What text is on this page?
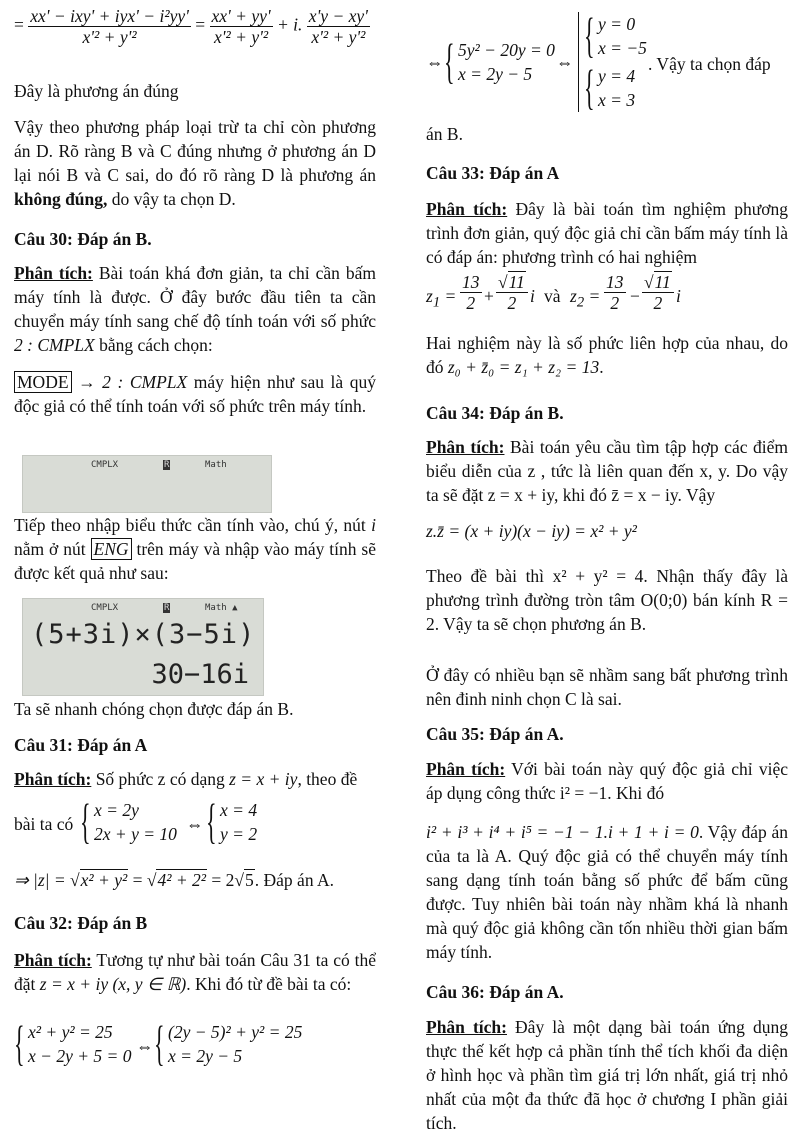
= $\frac{\text{xx' − ixy' + iyx' − i²yy'}}{\text{x'² + y'²}} = \frac{xx' + yy'}{\text{x'² + y'²}} + i$. $\frac{x'y - xy'}{\text{x'² + y'²}}$
Đây là phương án đúng
Vậy theo phương pháp loại trừ ta chỉ còn phương án D. Rõ ràng B và C đúng nhưng ở phương án D lại nói B và C sai, do đó rõ ràng D là phương án không đúng, do vậy ta chọn D.
Câu 30: Đáp án B.
Phân tích: Bài toán khá đơn giản, ta chỉ cần bấm máy tính là được. Ở đây bước đầu tiên ta cần chuyển máy tính sang chế độ tính toán với số phức 2 : CMPLX bằng cách chọn:
MODE → 2 : CMPLX máy hiện như sau là quý độc giả có thể tính toán với số phức trên máy tính.
CMPLX	R	Math
Tiếp theo nhập biểu thức cần tính vào, chú ý, nút i nằm ở nút ENG trên máy và nhập vào máy tính sẽ được kết quả như sau:
CMPLX	R	Math ▲
(5+3i)×(3−5i)
30−16i
Ta sẽ nhanh chóng chọn được đáp án B.
Câu 31: Đáp án A
Phân tích: Số phức z có dạng z = x + iy, theo đề
bài ta có
{ x = 2y
2x + y = 10 ⇔
{ x = 4
y = 2
⇒ |z| = √x² + y² = √4² + 2² = 2√5. Đáp án A.
Câu 32: Đáp án B
Phân tích: Tương tự như bài toán Câu 31 ta có thể đặt z = x + iy (x, y ∈ ℝ). Khi đó từ đề bài ta có:
{ x² + y² = 25
x − 2y + 5 = 0 ⇔
{ (2y − 5)² + y² = 25
x = 2y − 5
⇔
{ 5y² − 20y = 0
x = 2y − 5
⇔
{ y = 0
x = −5
{ y = 4
x = 3
. Vậy ta chọn đáp
án B.
Câu 33: Đáp án A
Phân tích: Đây là bài toán tìm nghiệm phương trình đơn giản, quý độc giả chỉ cần bấm máy tính là có đáp án: phương trình có hai nghiệm
$z_1 = \frac{13}{2} + \frac{√11}{2}$ i và $z_2 = \frac{13}{2} - \frac{√11}{2}$ i
Hai nghiệm này là số phức liên hợp của nhau, do đó z₀ + z̄₀ = z₁ + z₂ = 13.
Câu 34: Đáp án B.
Phân tích: Bài toán yêu cầu tìm tập hợp các điểm biểu diễn của z , tức là liên quan đến x, y. Do vậy ta sẽ đặt z = x + iy, khi đó z̄ = x − iy. Vậy
z.z̄ = (x + iy)(x − iy) = x² + y²
Theo đề bài thì x² + y² = 4. Nhận thấy đây là phương trình đường tròn tâm O(0;0) bán kính R = 2. Vậy ta sẽ chọn phương án B.
Ở đây có nhiều bạn sẽ nhầm sang bất phương trình nên đinh ninh chọn C là sai.
Câu 35: Đáp án A.
Phân tích: Với bài toán này quý độc giả chỉ việc áp dụng công thức i² = −1. Khi đó
i² + i³ + i⁴ + i⁵ = −1 − 1.i + 1 + i = 0. Vậy đáp án của ta là A. Quý độc giả có thể chuyển máy tính sang dạng tính toán bằng số phức để bấm cũng được. Tuy nhiên bài toán này nhầm khá là nhanh mà quý độc giả không cần tốn nhiều thời gian bấm máy tính.
Câu 36: Đáp án A.
Phân tích: Đây là một dạng bài toán ứng dụng thực thế kết hợp cả phần tính thể tích khối đa diện ở hình học và phần tìm giá trị lớn nhất, giá trị nhỏ nhất của một đa thức đã học ở chương I phần giải tích.
